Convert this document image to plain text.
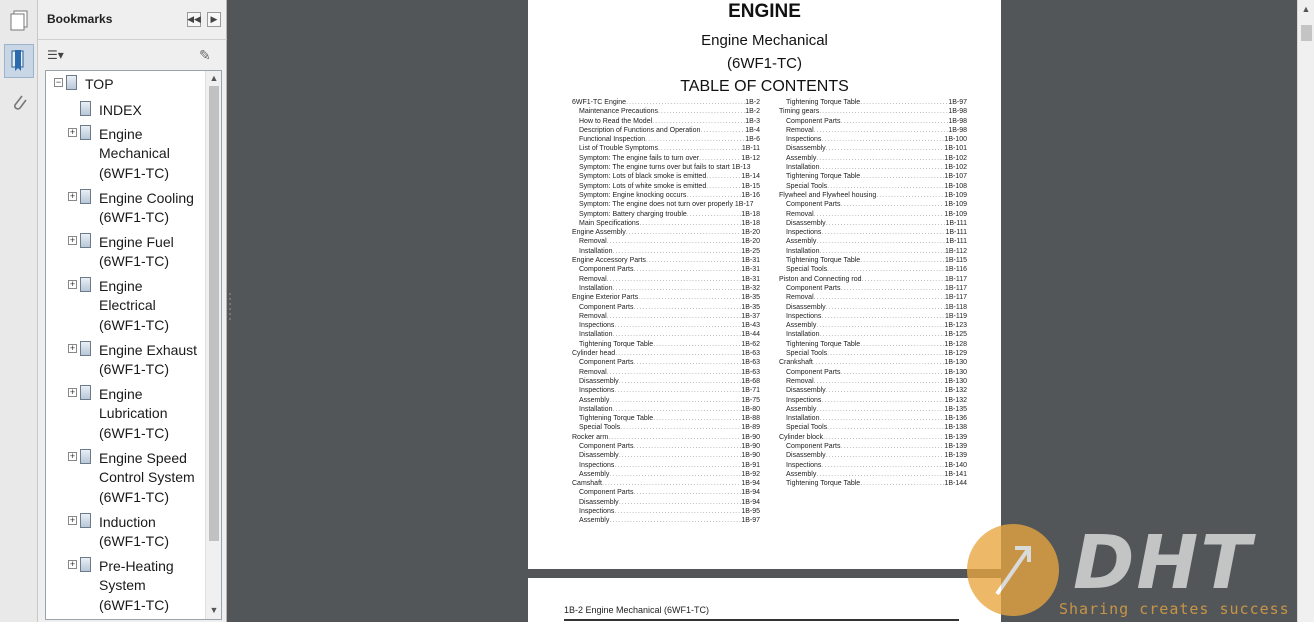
Bookmarks	◀◀	▶
☰▾	✎
− TOP
INDEX
+ Engine
Mechanical
(6WF1-TC)
+ Engine Cooling
(6WF1-TC)
+ Engine Fuel
(6WF1-TC)
+ Engine
Electrical
(6WF1-TC)
+ Engine Exhaust
(6WF1-TC)
+ Engine
Lubrication
(6WF1-TC)
+ Engine Speed
Control System
(6WF1-TC)
+ Induction
(6WF1-TC)
+ Pre-Heating
System
(6WF1-TC)
▲
▼
ENGINE
Engine Mechanical
(6WF1-TC)
TABLE OF CONTENTS
6WF1-TC Engine .....	1B-2
Maintenance Precautions .....	1B-2
How to Read the Model .....	1B-3
Description of Functions and Operation .....	1B-4
Functional Inspection .....	1B-6
List of Trouble Symptoms .....	1B-11
Symptom: The engine fails to turn over .....	1B-12
Symptom: The engine turns over but fails to start 1B-13
Symptom: Lots of black smoke is emitted .....	1B-14
Symptom: Lots of white smoke is emitted .....	1B-15
Symptom: Engine knocking occurs .....	1B-16
Symptom: The engine does not turn over properly 1B-17
Symptom: Battery charging trouble .....	1B-18
Main Specifications .....	1B-18
Engine Assembly .....	1B-20
Removal .....	1B-20
Installation .....	1B-25
Engine Accessory Parts .....	1B-31
Component Parts .....	1B-31
Removal .....	1B-31
Installation .....	1B-32
Engine Exterior Parts .....	1B-35
Component Parts .....	1B-35
Removal .....	1B-37
Inspections .....	1B-43
Installation .....	1B-44
Tightening Torque Table .....	1B-62
Cylinder head .....	1B-63
Component Parts .....	1B-63
Removal .....	1B-63
Disassembly .....	1B-68
Inspections .....	1B-71
Assembly .....	1B-75
Installation .....	1B-80
Tightening Torque Table .....	1B-88
Special Tools .....	1B-89
Rocker arm .....	1B-90
Component Parts .....	1B-90
Disassembly .....	1B-90
Inspections .....	1B-91
Assembly .....	1B-92
Camshaft .....	1B-94
Component Parts .....	1B-94
Disassembly .....	1B-94
Inspections .....	1B-95
Assembly .....	1B-97
Tightening Torque Table .....	1B-97
Timing gears .....	1B-98
Component Parts .....	1B-98
Removal .....	1B-98
Inspections .....	1B-100
Disassembly .....	1B-101
Assembly .....	1B-102
Installation .....	1B-102
Tightening Torque Table .....	1B-107
Special Tools .....	1B-108
Flywheel and Flywheel housing .....	1B-109
Component Parts .....	1B-109
Removal .....	1B-109
Disassembly .....	1B-111
Inspections .....	1B-111
Assembly .....	1B-111
Installation .....	1B-112
Tightening Torque Table .....	1B-115
Special Tools .....	1B-116
Piston and Connecting rod .....	1B-117
Component Parts .....	1B-117
Removal .....	1B-117
Disassembly .....	1B-118
Inspections .....	1B-119
Assembly .....	1B-123
Installation .....	1B-125
Tightening Torque Table .....	1B-128
Special Tools .....	1B-129
Crankshaft .....	1B-130
Component Parts .....	1B-130
Removal .....	1B-130
Disassembly .....	1B-132
Inspections .....	1B-132
Assembly .....	1B-135
Installation .....	1B-136
Special Tools .....	1B-138
Cylinder block .....	1B-139
Component Parts .....	1B-139
Disassembly .....	1B-139
Inspections .....	1B-140
Assembly .....	1B-141
Tightening Torque Table .....	1B-144
1B-2 Engine Mechanical (6WF1-TC)
▲
DHT
Sharing creates success
